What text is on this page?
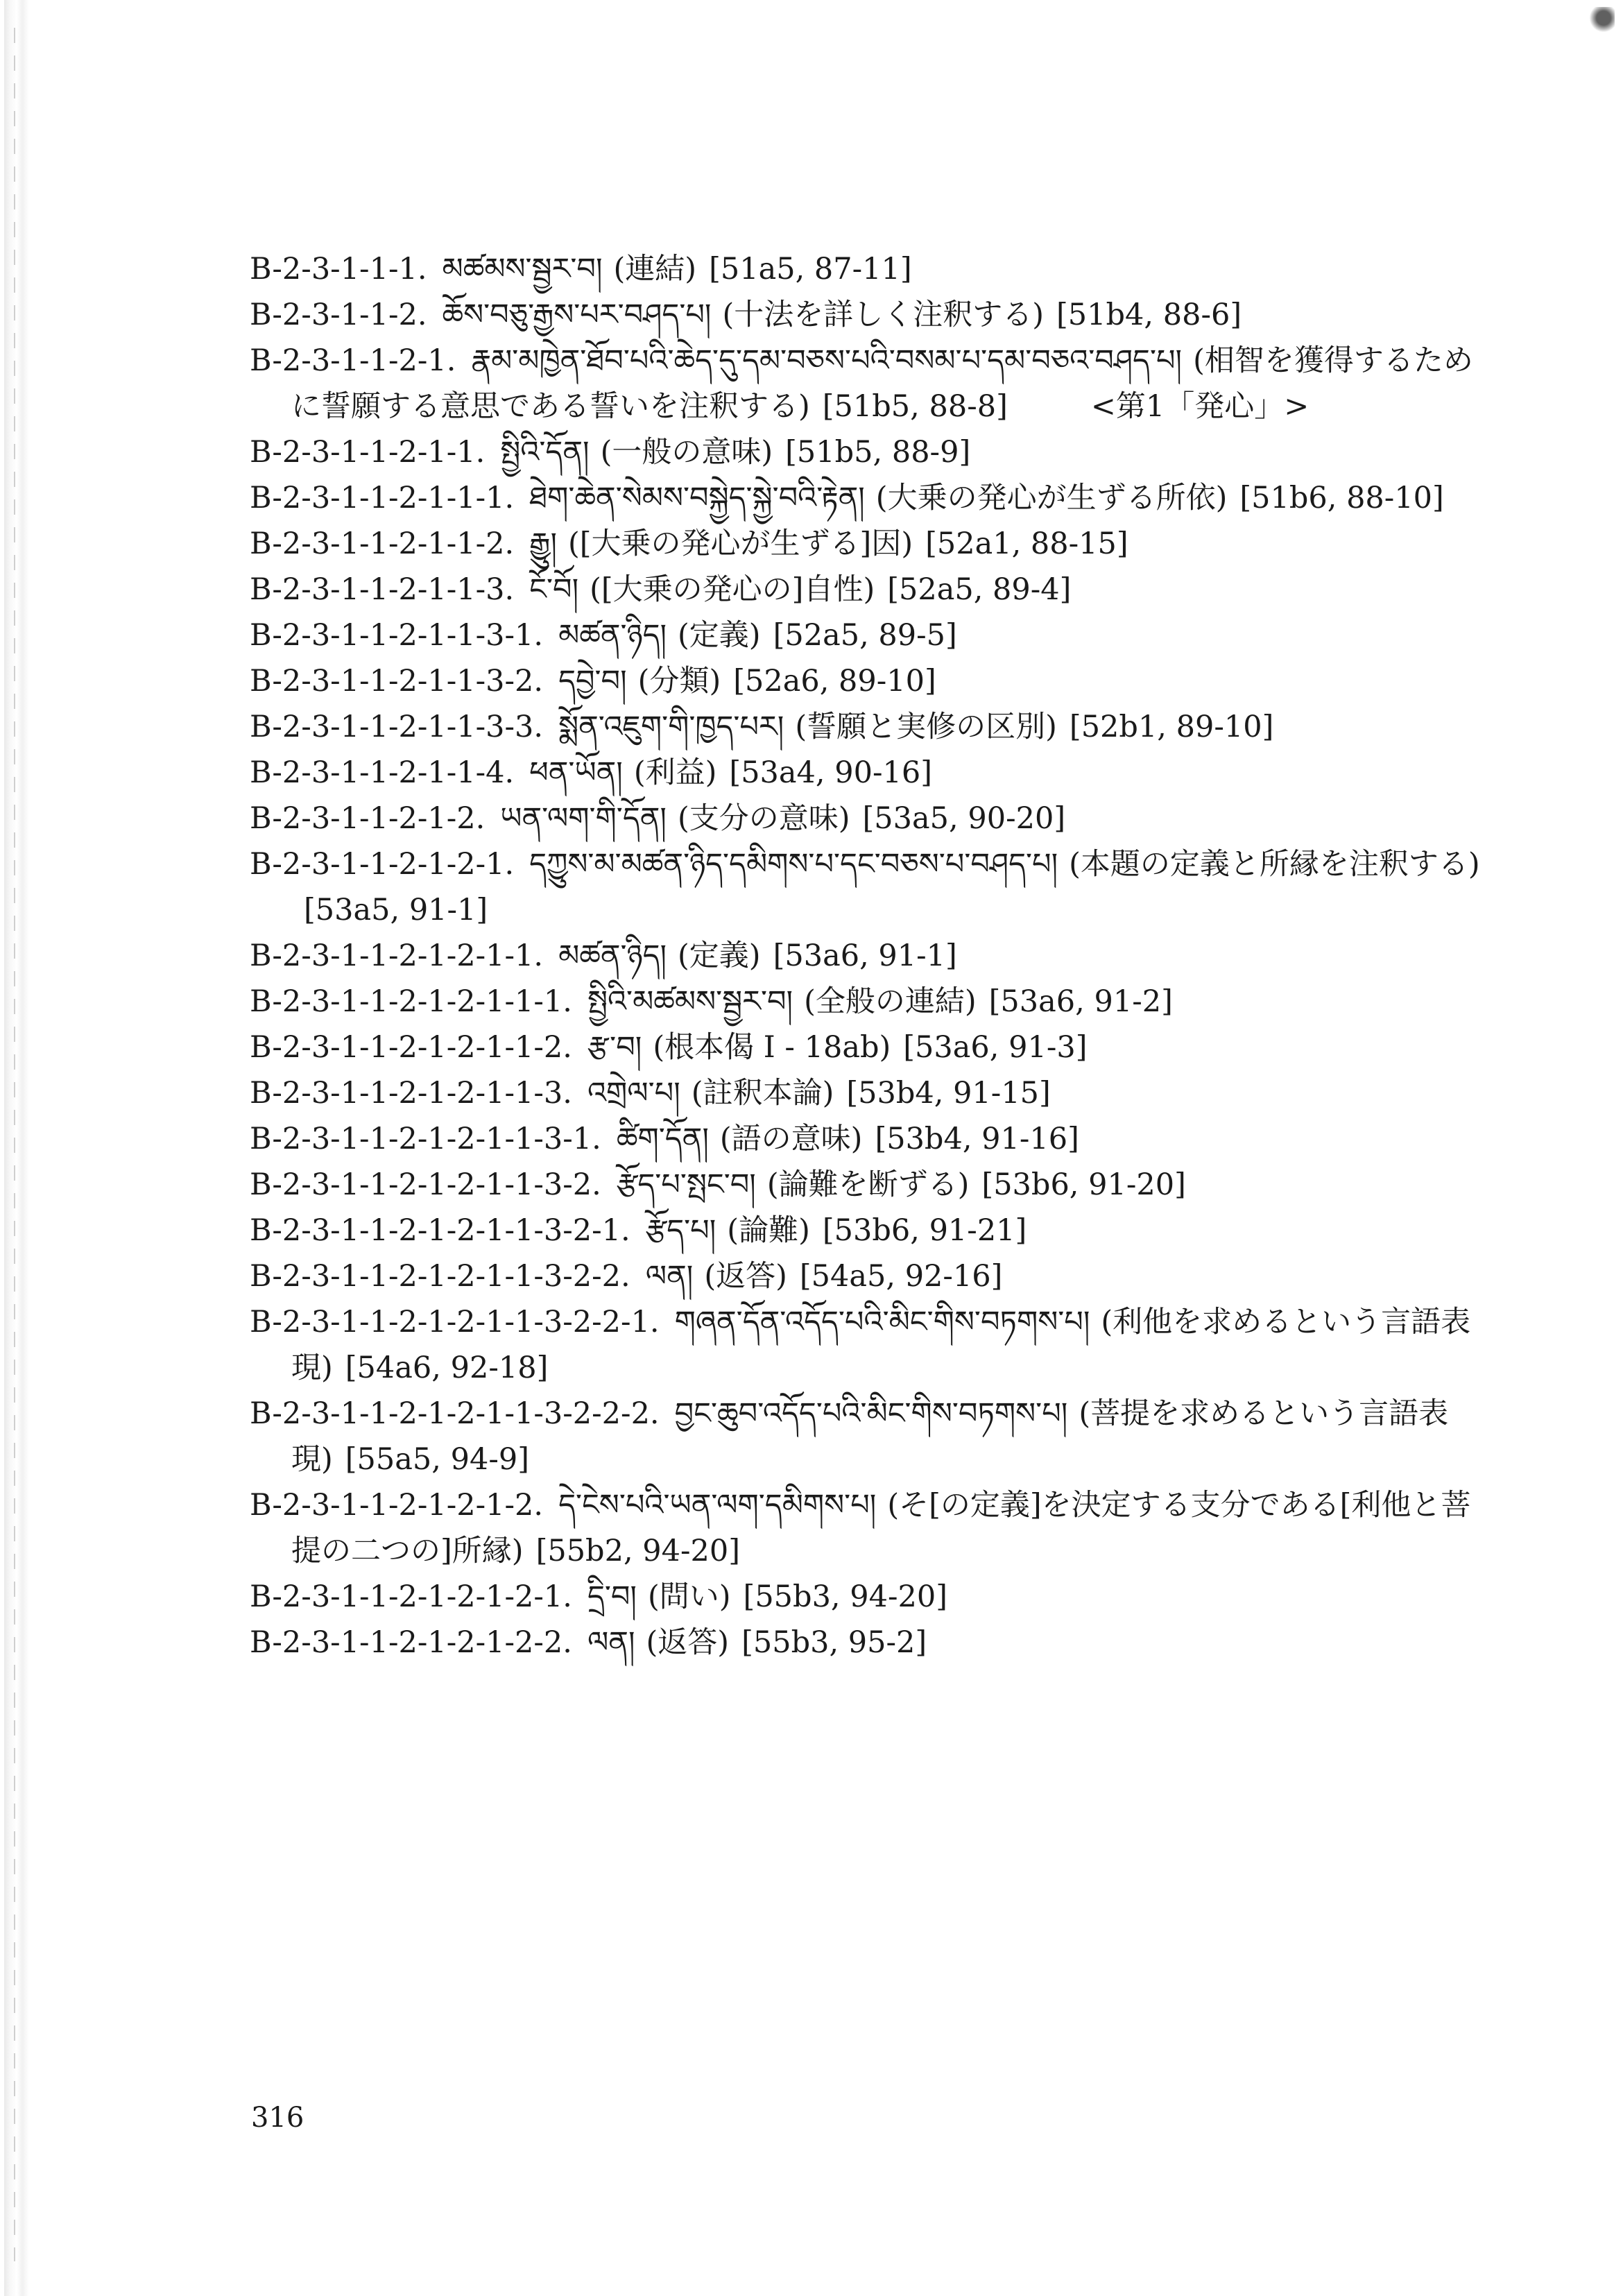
B-2-3-1-1-1. མཚམས་སྦྱར་བ། (連結) [51a5, 87-11]
B-2-3-1-1-2. ཆོས་བཅུ་རྒྱས་པར་བཤད་པ། (十法を詳しく注釈する) [51b4, 88-6]
B-2-3-1-1-2-1. རྣམ་མཁྱེན་ཐོབ་པའི་ཆེད་དུ་དམ་བཅས་པའི་བསམ་པ་དམ་བཅའ་བཤད་པ། (相智を獲得するために誓願する意思である誓いを注釈する) [51b5, 88-8]	<第1「発心」>
B-2-3-1-1-2-1-1. སྤྱིའི་དོན། (一般の意味) [51b5, 88-9]
B-2-3-1-1-2-1-1-1. ཐེག་ཆེན་སེམས་བསྐྱེད་སྐྱེ་བའི་རྟེན། (大乗の発心が生ずる所依) [51b6, 88-10]
B-2-3-1-1-2-1-1-2. རྒྱུ། ([大乗の発心が生ずる]因) [52a1, 88-15]
B-2-3-1-1-2-1-1-3. ངོ་བོ། ([大乗の発心の]自性) [52a5, 89-4]
B-2-3-1-1-2-1-1-3-1. མཚན་ཉིད། (定義) [52a5, 89-5]
B-2-3-1-1-2-1-1-3-2. དབྱེ་བ། (分類) [52a6, 89-10]
B-2-3-1-1-2-1-1-3-3. སྨོན་འཇུག་གི་ཁྱད་པར། (誓願と実修の区別) [52b1, 89-10]
B-2-3-1-1-2-1-1-4. ཕན་ཡོན། (利益) [53a4, 90-16]
B-2-3-1-1-2-1-2. ཡན་ལག་གི་དོན། (支分の意味) [53a5, 90-20]
B-2-3-1-1-2-1-2-1. དཀྱུས་མ་མཚན་ཉིད་དམིགས་པ་དང་བཅས་པ་བཤད་པ། (本題の定義と所縁を注釈する)[53a5, 91-1]
B-2-3-1-1-2-1-2-1-1. མཚན་ཉིད། (定義) [53a6, 91-1]
B-2-3-1-1-2-1-2-1-1-1. སྤྱིའི་མཚམས་སྦྱར་བ། (全般の連結) [53a6, 91-2]
B-2-3-1-1-2-1-2-1-1-2. རྩ་བ། (根本偈 I - 18ab) [53a6, 91-3]
B-2-3-1-1-2-1-2-1-1-3. འགྲེལ་པ། (註釈本論) [53b4, 91-15]
B-2-3-1-1-2-1-2-1-1-3-1. ཚིག་དོན། (語の意味) [53b4, 91-16]
B-2-3-1-1-2-1-2-1-1-3-2. རྩོད་པ་སྤང་བ། (論難を断ずる) [53b6, 91-20]
B-2-3-1-1-2-1-2-1-1-3-2-1. རྩོད་པ། (論難) [53b6, 91-21]
B-2-3-1-1-2-1-2-1-1-3-2-2. ལན། (返答) [54a5, 92-16]
B-2-3-1-1-2-1-2-1-1-3-2-2-1. གཞན་དོན་འདོད་པའི་མིང་གིས་བཏགས་པ། (利他を求めるという言語表現) [54a6, 92-18]
B-2-3-1-1-2-1-2-1-1-3-2-2-2. བྱང་ཆུབ་འདོད་པའི་མིང་གིས་བཏགས་པ། (菩提を求めるという言語表現) [55a5, 94-9]
B-2-3-1-1-2-1-2-1-2. དེ་ངེས་པའི་ཡན་ལག་དམིགས་པ། (そ[の定義]を決定する支分である[利他と菩提の二つの]所縁) [55b2, 94-20]
B-2-3-1-1-2-1-2-1-2-1. དྲི་བ། (問い) [55b3, 94-20]
B-2-3-1-1-2-1-2-1-2-2. ལན། (返答) [55b3, 95-2]
316
